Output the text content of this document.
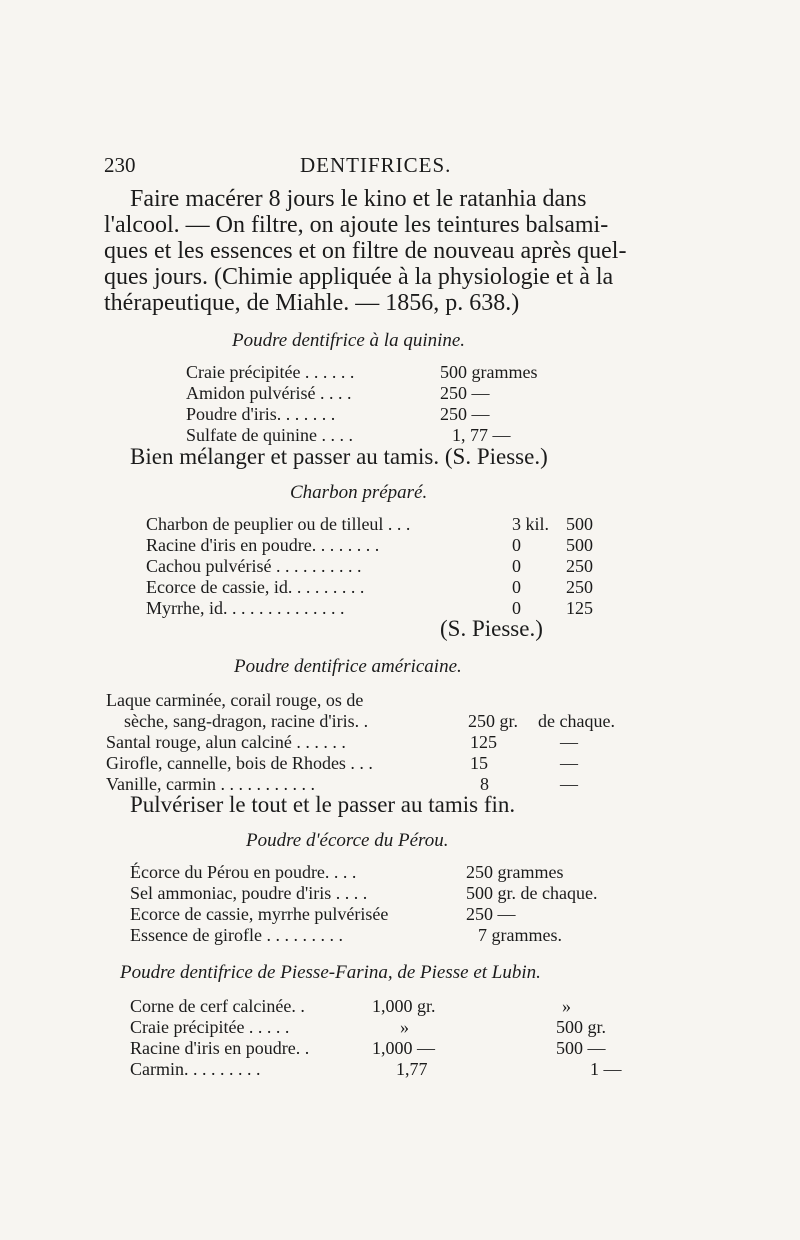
230	DENTIFRICES.
Faire macérer 8 jours le kino et le ratanhia dans
l'alcool. — On filtre, on ajoute les teintures balsami-
ques et les essences et on filtre de nouveau après quel-
ques jours. (Chimie appliquée à la physiologie et à la
thérapeutique, de Miahle. — 1856, p. 638.)
Poudre dentifrice à la quinine.
Craie précipitée . . . . . .	500 grammes
Amidon pulvérisé . . . .	250 —
Poudre d'iris. . . . . . .	250 —
Sulfate de quinine . . . .	1, 77 —
Bien mélanger et passer au tamis. (S. Piesse.)
Charbon préparé.
Charbon de peuplier ou de tilleul . . .	3 kil. 500
Racine d'iris en poudre. . . . . . . .	0	500
Cachou pulvérisé . . . . . . . . . .	0	250
Ecorce de cassie, id. . . . . . . . .	0	250
Myrrhe, id. . . . . . . . . . . . . .	0	125
(S. Piesse.)
Poudre dentifrice américaine.
Laque carminée, corail rouge, os de
sèche, sang-dragon, racine d'iris. .	250 gr. de chaque.
Santal rouge, alun calciné . . . . . .	125	—
Girofle, cannelle, bois de Rhodes . . .	15	—
Vanille, carmin . . . . . . . . . . .	8	—
Pulvériser le tout et le passer au tamis fin.
Poudre d'écorce du Pérou.
Écorce du Pérou en poudre. . . .	250 grammes
Sel ammoniac, poudre d'iris . . . .	500 gr. de chaque.
Ecorce de cassie, myrrhe pulvérisée	250 —
Essence de girofle . . . . . . . . .	7 grammes.
Poudre dentifrice de Piesse-Farina, de Piesse et Lubin.
Corne de cerf calcinée. .	1,000 gr.	»
Craie précipitée . . . . .	»	500 gr.
Racine d'iris en poudre. .	1,000 —	500 —
Carmin. . . . . . . . .	1,77	1 —
